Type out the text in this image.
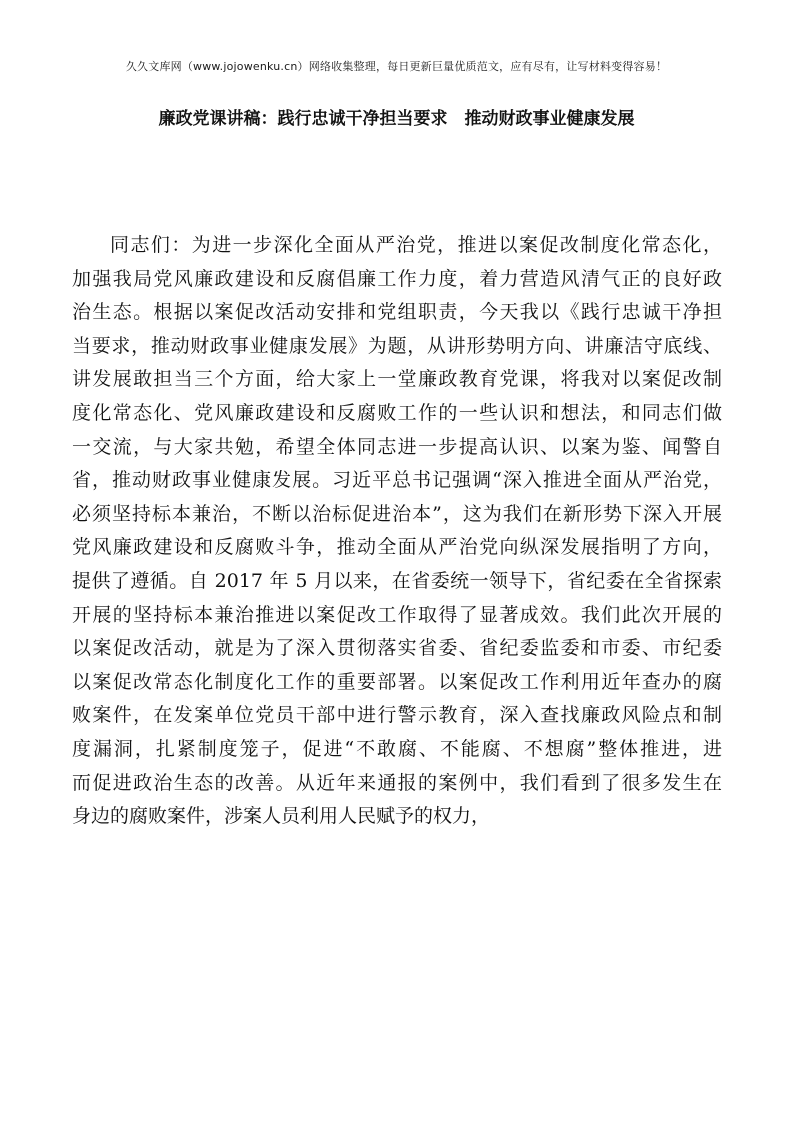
久久文库网（www.jojowenku.cn）网络收集整理，每日更新巨量优质范文，应有尽有，让写材料变得容易！
廉政党课讲稿：践行忠诚干净担当要求　推动财政事业健康发展
同志们：为进一步深化全面从严治党，推进以案促改制度化常态化，
加强我局党风廉政建设和反腐倡廉工作力度，着力营造风清气正的良好政
治生态。根据以案促改活动安排和党组职责，今天我以《践行忠诚干净担
当要求，推动财政事业健康发展》为题，从讲形势明方向、讲廉洁守底线、
讲发展敢担当三个方面，给大家上一堂廉政教育党课，将我对以案促改制
度化常态化、党风廉政建设和反腐败工作的一些认识和想法，和同志们做
一交流，与大家共勉，希望全体同志进一步提高认识、以案为鉴、闻警自
省，推动财政事业健康发展。习近平总书记强调“深入推进全面从严治党，
必须坚持标本兼治，不断以治标促进治本”，这为我们在新形势下深入开展
党风廉政建设和反腐败斗争，推动全面从严治党向纵深发展指明了方向，
提供了遵循。自 2017 年 5 月以来，在省委统一领导下，省纪委在全省探索
开展的坚持标本兼治推进以案促改工作取得了显著成效。我们此次开展的
以案促改活动，就是为了深入贯彻落实省委、省纪委监委和市委、市纪委
以案促改常态化制度化工作的重要部署。以案促改工作利用近年查办的腐
败案件，在发案单位党员干部中进行警示教育，深入查找廉政风险点和制
度漏洞，扎紧制度笼子，促进“不敢腐、不能腐、不想腐”整体推进，进
而促进政治生态的改善。从近年来通报的案例中，我们看到了很多发生在
身边的腐败案件，涉案人员利用人民赋予的权力，
